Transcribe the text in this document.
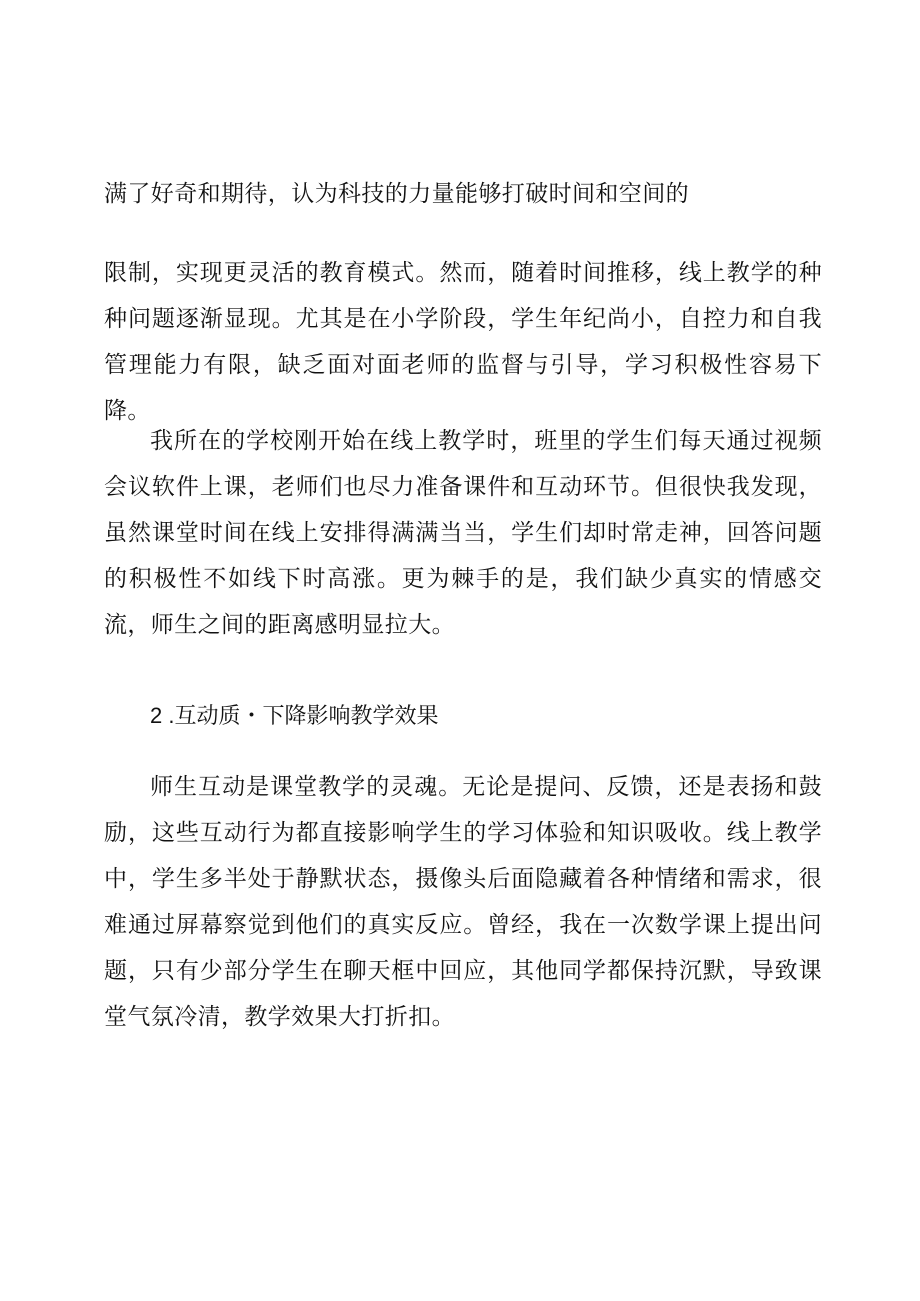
满了好奇和期待，认为科技的力量能够打破时间和空间的
限制，实现更灵活的教育模式。然而，随着时间推移，线上教学的种种问题逐渐显现。尤其是在小学阶段，学生年纪尚小，自控力和自我管理能力有限，缺乏面对面老师的监督与引导，学习积极性容易下降。
我所在的学校刚开始在线上教学时，班里的学生们每天通过视频会议软件上课，老师们也尽力准备课件和互动环节。但很快我发现，虽然课堂时间在线上安排得满满当当，学生们却时常走神，回答问题的积极性不如线下时高涨。更为棘手的是，我们缺少真实的情感交流，师生之间的距离感明显拉大。
2 .互动质・下降影响教学效果
师生互动是课堂教学的灵魂。无论是提问、反馈，还是表扬和鼓励，这些互动行为都直接影响学生的学习体验和知识吸收。线上教学中，学生多半处于静默状态，摄像头后面隐藏着各种情绪和需求，很难通过屏幕察觉到他们的真实反应。曾经，我在一次数学课上提出问题，只有少部分学生在聊天框中回应，其他同学都保持沉默，导致课堂气氛冷清，教学效果大打折扣。
